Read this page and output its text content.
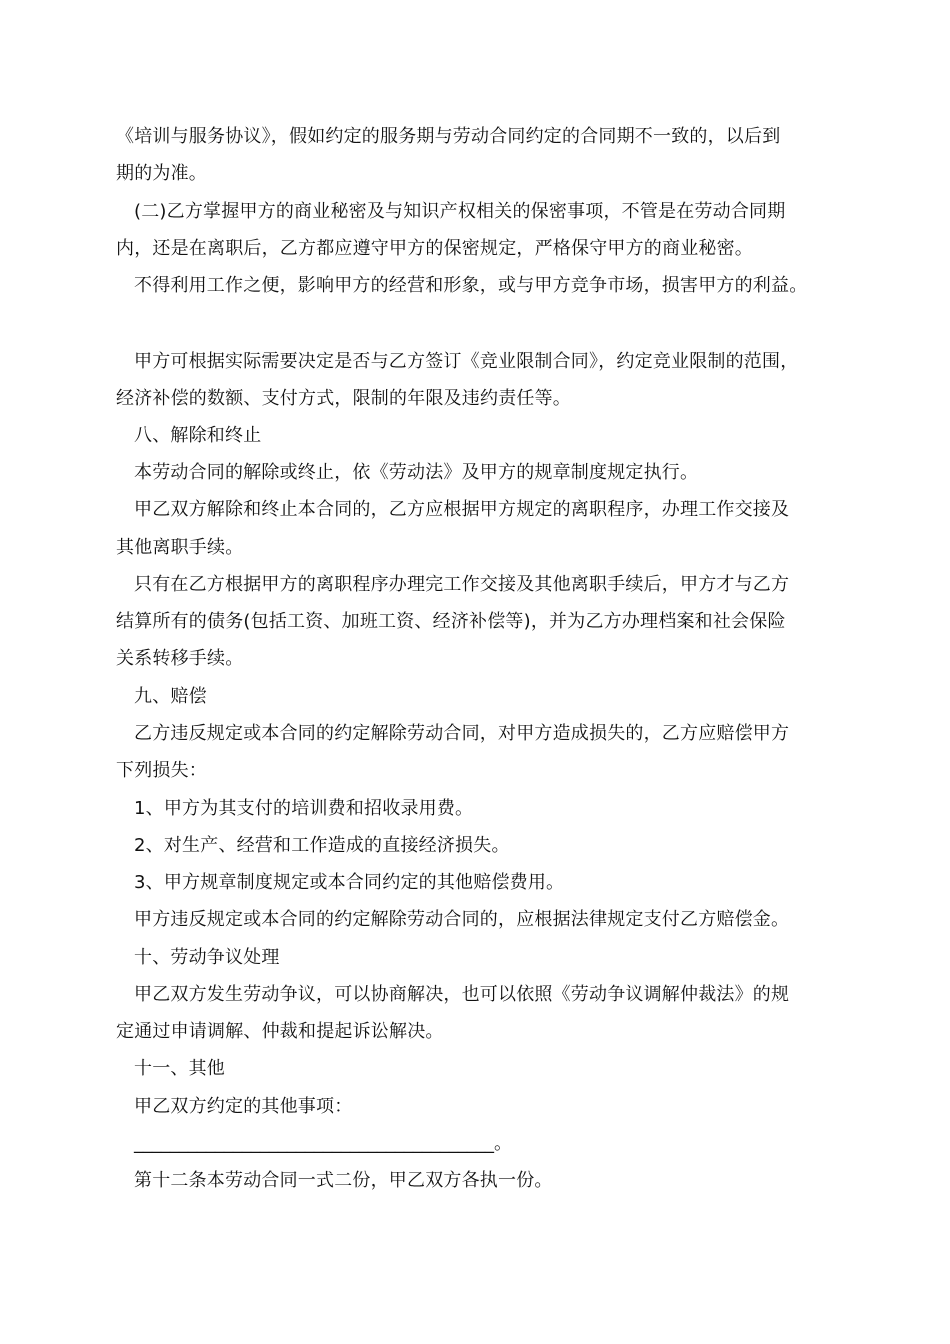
《培训与服务协议》，假如约定的服务期与劳动合同约定的合同期不一致的，以后到
期的为准。
(二)乙方掌握甲方的商业秘密及与知识产权相关的保密事项，不管是在劳动合同期
内，还是在离职后，乙方都应遵守甲方的保密规定，严格保守甲方的商业秘密。
不得利用工作之便，影响甲方的经营和形象，或与甲方竞争市场，损害甲方的利益。
甲方可根据实际需要决定是否与乙方签订《竞业限制合同》，约定竞业限制的范围，
经济补偿的数额、支付方式，限制的年限及违约责任等。
八、解除和终止
本劳动合同的解除或终止，依《劳动法》及甲方的规章制度规定执行。
甲乙双方解除和终止本合同的，乙方应根据甲方规定的离职程序，办理工作交接及
其他离职手续。
只有在乙方根据甲方的离职程序办理完工作交接及其他离职手续后，甲方才与乙方
结算所有的债务(包括工资、加班工资、经济补偿等)，并为乙方办理档案和社会保险
关系转移手续。
九、赔偿
乙方违反规定或本合同的约定解除劳动合同，对甲方造成损失的，乙方应赔偿甲方
下列损失：
1、甲方为其支付的培训费和招收录用费。
2、对生产、经营和工作造成的直接经济损失。
3、甲方规章制度规定或本合同约定的其他赔偿费用。
甲方违反规定或本合同的约定解除劳动合同的，应根据法律规定支付乙方赔偿金。
十、劳动争议处理
甲乙双方发生劳动争议，可以协商解决，也可以依照《劳动争议调解仲裁法》的规
定通过申请调解、仲裁和提起诉讼解决。
十一、其他
甲乙双方约定的其他事项：
________________________________________。
第十二条本劳动合同一式二份，甲乙双方各执一份。
